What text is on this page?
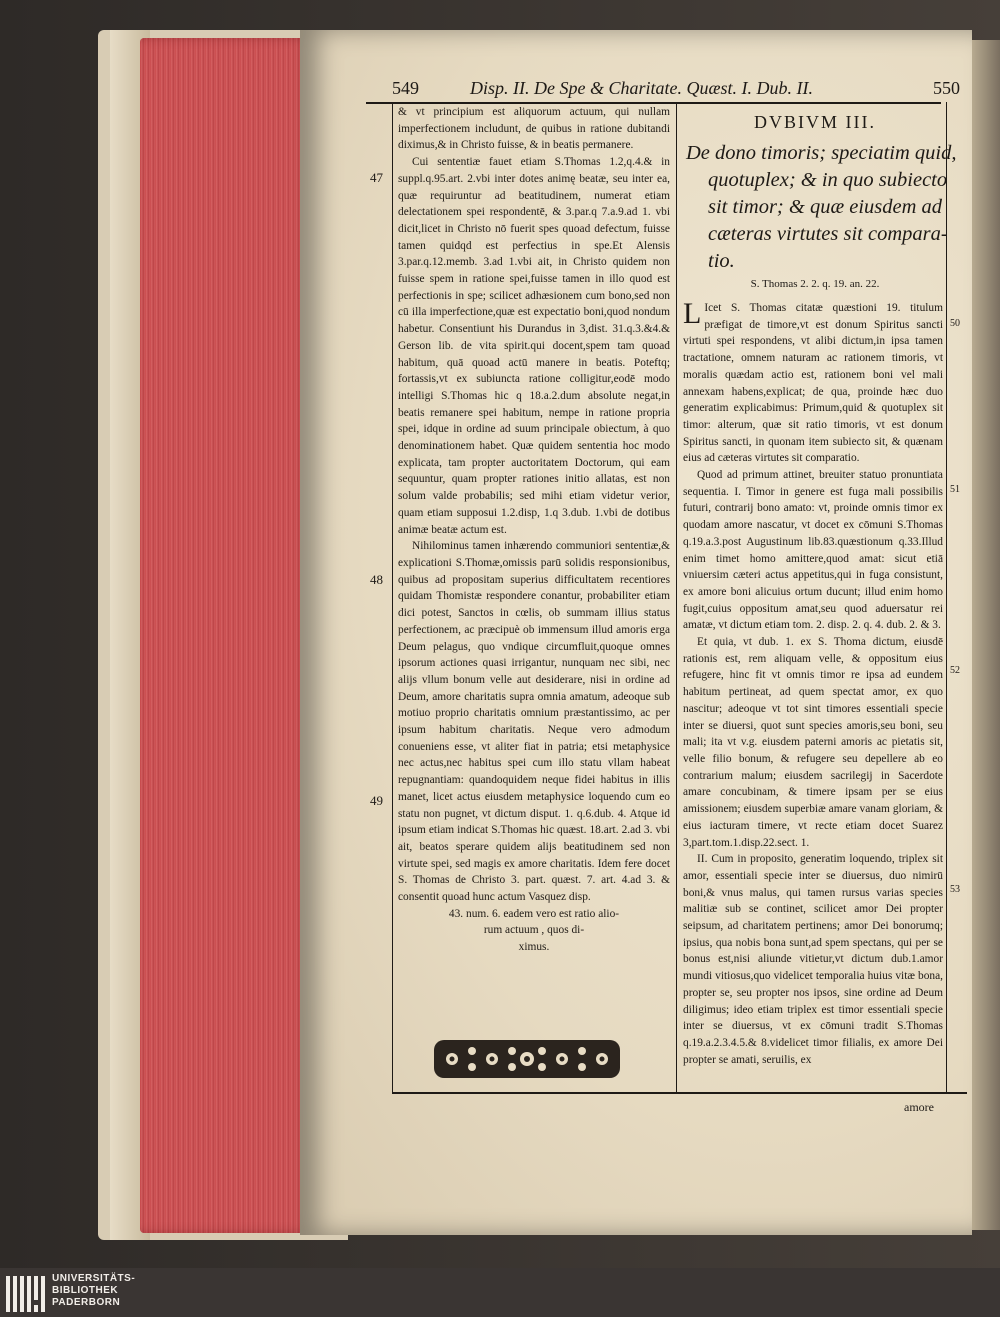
549	Disp. II. De Spe & Charitate. Quæst. I. Dub. II.	550

& vt principium est aliquorum actuum, qui nullam imperfectionem includunt, de quibus in ratione dubitandi diximus,& in Christo fuisse, & in beatis permanere.

Cui sententiæ fauet etiam S.Thomas 1.2,q.4.& in suppl.q.95.art. 2.vbi inter dotes animę beatæ, seu inter ea, quæ requiruntur ad beatitudinem, numerat etiam delectationem spei respondentē, & 3.par.q 7.a.9.ad 1. vbi dicit,licet in Christo nō fuerit spes quoad defectum, fuisse tamen quidqd est perfectius in spe.Et Alensis 3.par.q.12.memb. 3.ad 1.vbi ait, in Christo quidem non fuisse spem in ratione spei,fuisse tamen in illo quod est perfectionis in spe; scilicet adhæsionem cum bono,sed non cū illa imperfectione,quæ est expectatio boni,quod nondum habetur. Consentiunt his Durandus in 3,dist. 31.q.3.&4.& Gerson lib. de vita spirit.qui docent,spem tam quoad habitum, quā quoad actū manere in beatis. Poteftq; fortassis,vt ex subiuncta ratione colligitur,eodē modo intelligi S.Thomas hic q 18.a.2.dum absolute negat,in beatis remanere spei habitum, nempe in ratione propria spei, idque in ordine ad suum principale obiectum, à quo denominationem habet. Quæ quidem sententia hoc modo explicata, tam propter auctoritatem Doctorum, qui eam sequuntur, quam propter rationes initio allatas, est non solum valde probabilis; sed mihi etiam videtur verior, quam etiam supposui 1.2.disp, 1.q 3.dub. 1.vbi de dotibus animæ beatæ actum est.

Nihilominus tamen inhærendo communiori sententiæ,& explicationi S.Thomæ,omissis parū solidis responsionibus, quibus ad propositam superius difficultatem recentiores quidam Thomistæ respondere conantur, probabiliter etiam dici potest, Sanctos in cœlis, ob summam illius status perfectionem, ac præcipuè ob immensum illud amoris erga Deum pelagus, quo vndique circumfluit,quoque omnes ipsorum actiones quasi irrigantur, nunquam nec sibi, nec alijs vllum bonum velle aut desiderare, nisi in ordine ad Deum, amore charitatis supra omnia amatum, adeoque sub motiuo proprio charitatis omnium præstantissimo, ac per ipsum habitum charitatis. Neque vero admodum conueniens esse, vt aliter fiat in patria; etsi metaphysice nec actus,nec habitus spei cum illo statu vllam habeat repugnantiam: quandoquidem neque fidei habitus in illis manet, licet actus eiusdem metaphysice loquendo cum eo statu non pugnet, vt dictum disput. 1. q.6.dub. 4. Atque id ipsum etiam indicat S.Thomas hic quæst. 18.art. 2.ad 3. vbi ait, beatos sperare quidem alijs beatitudinem sed non virtute spei, sed magis ex amore charitatis. Idem fere docet S. Thomas de Christo 3. part. quæst. 7. art. 4.ad 3. & consentit quoad hunc actum Vasquez disp.

43. num. 6. eadem vero est ratio alio-

rum actuum , quos di-

ximus.

47
48
49
DVBIVM III.
De dono timoris; speciatim quid,
quotuplex; & in quo subiecto
sit timor; & quæ eiusdem ad
cæteras virtutes sit compara-
tio.
S. Thomas 2. 2. q. 19. an. 22.

L Icet S. Thomas citatæ quæstioni 19. titulum præfigat de timore,vt est donum Spiritus sancti virtuti spei respondens, vt alibi dictum,in ipsa tamen tractatione, omnem naturam ac rationem timoris, vt moralis quædam actio est, rationem boni vel mali annexam habens,explicat; de qua, proinde hæc duo generatim explicabimus: Primum,quid & quotuplex sit timor: alterum, quæ sit ratio timoris, vt est donum Spiritus sancti, in quonam item subiecto sit, & quænam eius ad cæteras virtutes sit comparatio.

Quod ad primum attinet, breuiter statuo pronuntiata sequentia. I. Timor in genere est fuga mali possibilis futuri, contrarij bono amato: vt, proinde omnis timor ex quodam amore nascatur, vt docet ex cōmuni S.Thomas q.19.a.3.post Augustinum lib.83.quæstionum q.33.Illud enim timet homo amittere,quod amat: sicut etiā vniuersim cæteri actus appetitus,qui in fuga consistunt, ex amore boni alicuius ortum ducunt; illud enim homo fugit,cuius oppositum amat,seu quod aduersatur rei amatæ, vt dictum etiam tom. 2. disp. 2. q. 4. dub. 2. & 3.

Et quia, vt dub. 1. ex S. Thoma dictum, eiusdē rationis est, rem aliquam velle, & oppositum eius refugere, hinc fit vt omnis timor re ipsa ad eundem habitum pertineat, ad quem spectat amor, ex quo nascitur; adeoque vt tot sint timores essentiali specie inter se diuersi, quot sunt species amoris,seu boni, seu mali; ita vt v.g. eiusdem paterni amoris ac pietatis sit, velle filio bonum, & refugere seu depellere ab eo contrarium malum; eiusdem sacrilegij in Sacerdote amare concubinam, & timere ipsam per se eius amissionem; eiusdem superbiæ amare vanam gloriam, & eius iacturam timere, vt recte etiam docet Suarez 3,part.tom.1.disp.22.sect. 1.

II. Cum in proposito, generatim loquendo, triplex sit amor, essentiali specie inter se diuersus, duo nimirū boni,& vnus malus, qui tamen rursus varias species malitiæ sub se continet, scilicet amor Dei propter seipsum, ad charitatem pertinens; amor Dei bonorumq; ipsius, qua nobis bona sunt,ad spem spectans, qui per se bonus est,nisi aliunde vitietur,vt dictum dub.1.amor mundi vitiosus,quo videlicet temporalia huius vitæ bona, propter se, seu propter nos ipsos, sine ordine ad Deum diligimus; ideo etiam triplex est timor essentiali specie inter se diuersus, vt ex cōmuni tradit S.Thomas q.19.a.2.3.4.5.& 8.videlicet timor filialis, ex amore Dei propter se amati, seruilis, ex

amore
50
51
52
53
UNIVERSITÄTS-
BIBLIOTHEK
PADERBORN
